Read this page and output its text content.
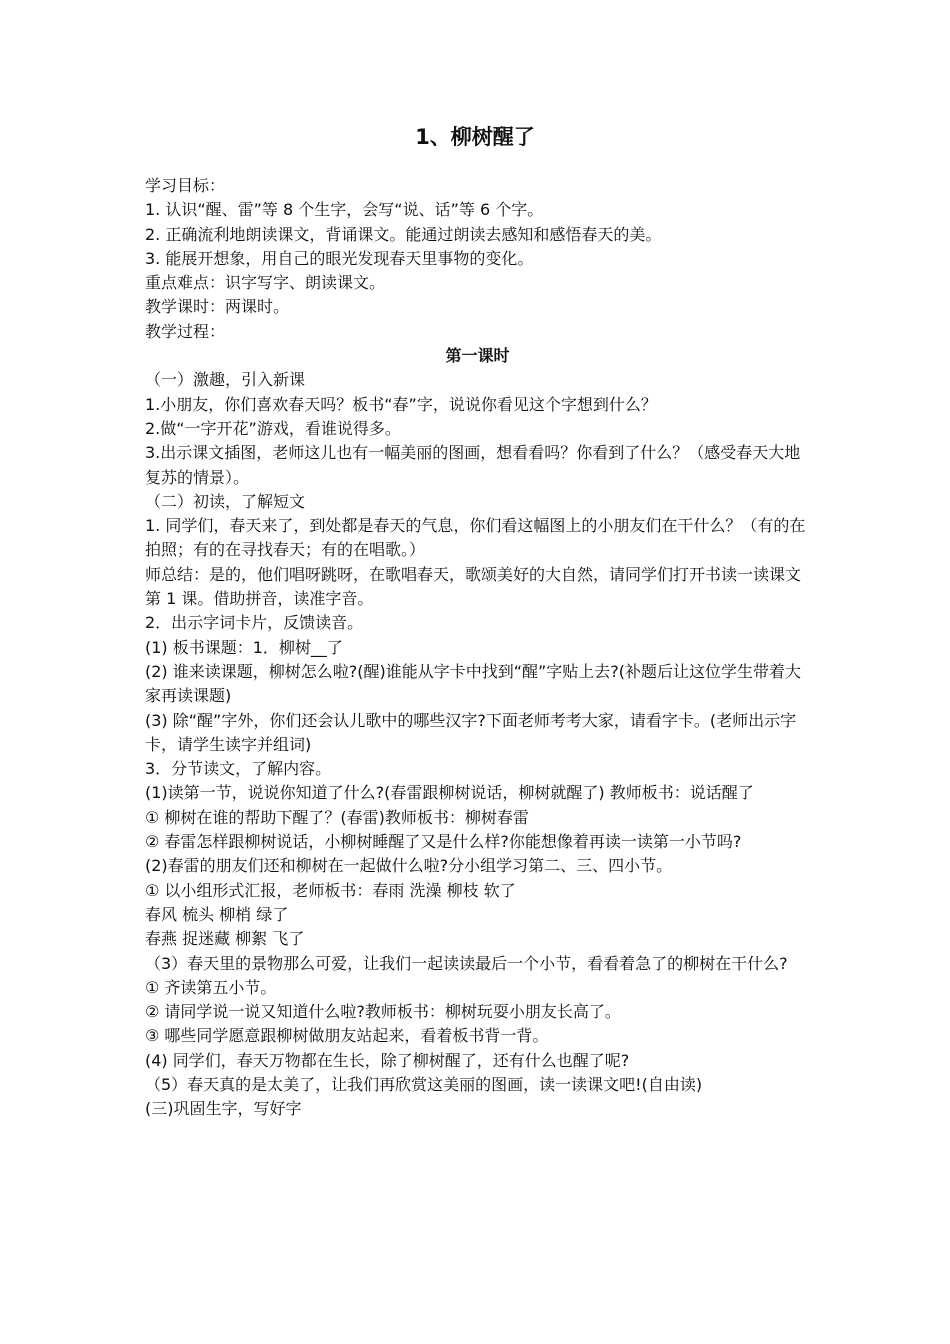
1、柳树醒了

学习目标：

1. 认识“醒、雷”等 8 个生字，会写“说、话”等 6 个字。

2. 正确流利地朗读课文，背诵课文。能通过朗读去感知和感悟春天的美。

3. 能展开想象，用自己的眼光发现春天里事物的变化。

重点难点：识字写字、朗读课文。

教学课时：两课时。

教学过程：

第一课时

（一）激趣，引入新课

1.小朋友，你们喜欢春天吗？板书“春”字，说说你看见这个字想到什么？

2.做“一字开花”游戏，看谁说得多。

3.出示课文插图，老师这儿也有一幅美丽的图画，想看看吗？你看到了什么？（感受春天大地复苏的情景）。

（二）初读，了解短文

1. 同学们，春天来了，到处都是春天的气息，你们看这幅图上的小朋友们在干什么？（有的在拍照；有的在寻找春天；有的在唱歌。）

师总结：是的，他们唱呀跳呀，在歌唱春天，歌颂美好的大自然，请同学们打开书读一读课文第 1 课。借助拼音，读准字音。

2．出示字词卡片，反馈读音。

(1) 板书课题：1．柳树__了

(2) 谁来读课题，柳树怎么啦?(醒)谁能从字卡中找到“醒”字贴上去?(补题后让这位学生带着大家再读课题)

(3) 除“醒”字外，你们还会认儿歌中的哪些汉字?下面老师考考大家，请看字卡。(老师出示字卡，请学生读字并组词)

3．分节读文，了解内容。

(1)读第一节，说说你知道了什么?(春雷跟柳树说话，柳树就醒了) 教师板书：说话醒了

① 柳树在谁的帮助下醒了？(春雷)教师板书：柳树春雷

② 春雷怎样跟柳树说话，小柳树睡醒了又是什么样?你能想像着再读一读第一小节吗?

(2)春雷的朋友们还和柳树在一起做什么啦?分小组学习第二、三、四小节。

① 以小组形式汇报，老师板书：春雨 洗澡 柳枝 软了

春风 梳头 柳梢 绿了

春燕 捉迷藏 柳絮 飞了

（3）春天里的景物那么可爱，让我们一起读读最后一个小节，看看着急了的柳树在干什么?

① 齐读第五小节。

② 请同学说一说又知道什么啦?教师板书：柳树玩耍小朋友长高了。

③ 哪些同学愿意跟柳树做朋友站起来，看着板书背一背。

(4) 同学们，春天万物都在生长，除了柳树醒了，还有什么也醒了呢?

（5）春天真的是太美了，让我们再欣赏这美丽的图画，读一读课文吧!(自由读)

(三)巩固生字，写好字
